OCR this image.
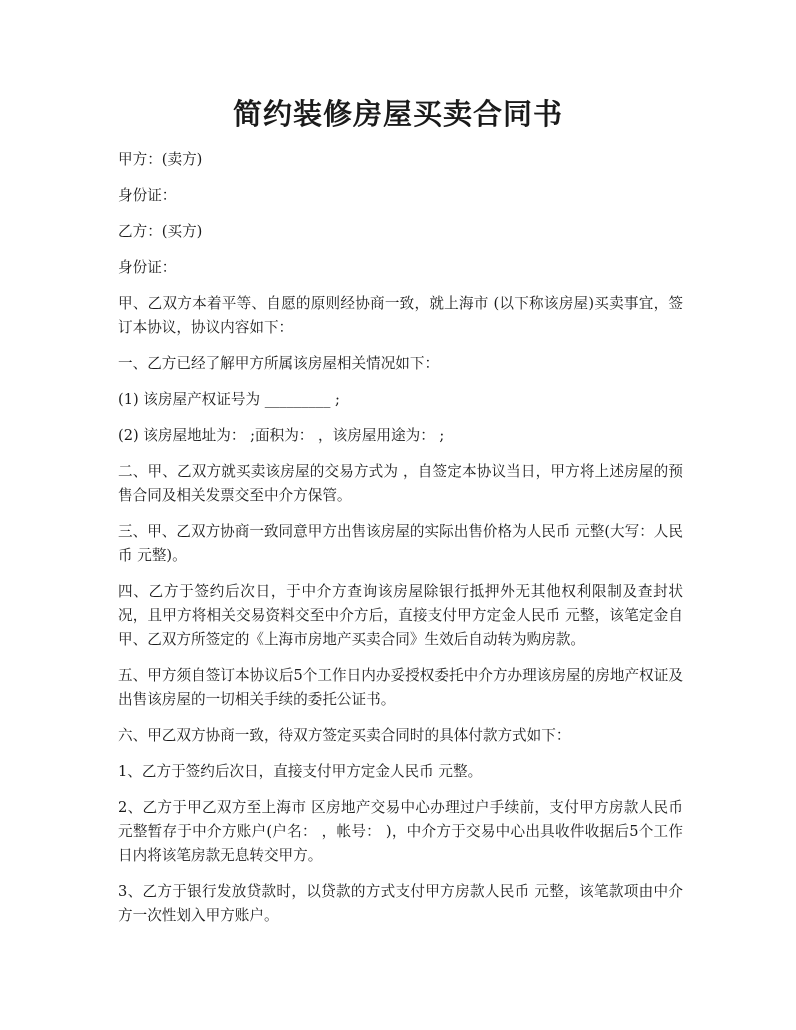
简约装修房屋买卖合同书

甲方：(卖方)

身份证：

乙方：(买方)

身份证：

甲、乙双方本着平等、自愿的原则经协商一致，就上海市 (以下称该房屋)买卖事宜，签订本协议，协议内容如下：

一、乙方已经了解甲方所属该房屋相关情况如下：

(1) 该房屋产权证号为 _________ ;

(2) 该房屋地址为： ;面积为： ，该房屋用途为： ;

二、甲、乙双方就买卖该房屋的交易方式为 ，自签定本协议当日，甲方将上述房屋的预售合同及相关发票交至中介方保管。

三、甲、乙双方协商一致同意甲方出售该房屋的实际出售价格为人民币 元整(大写：人民币 元整)。

四、乙方于签约后次日，于中介方查询该房屋除银行抵押外无其他权利限制及查封状况，且甲方将相关交易资料交至中介方后，直接支付甲方定金人民币 元整，该笔定金自甲、乙双方所签定的《上海市房地产买卖合同》生效后自动转为购房款。

五、甲方须自签订本协议后5个工作日内办妥授权委托中介方办理该房屋的房地产权证及出售该房屋的一切相关手续的委托公证书。

六、甲乙双方协商一致，待双方签定买卖合同时的具体付款方式如下：

1、乙方于签约后次日，直接支付甲方定金人民币 元整。

2、乙方于甲乙双方至上海市 区房地产交易中心办理过户手续前，支付甲方房款人民币 元整暂存于中介方账户(户名： ，帐号： )，中介方于交易中心出具收件收据后5个工作日内将该笔房款无息转交甲方。

3、乙方于银行发放贷款时，以贷款的方式支付甲方房款人民币 元整，该笔款项由中介方一次性划入甲方账户。
